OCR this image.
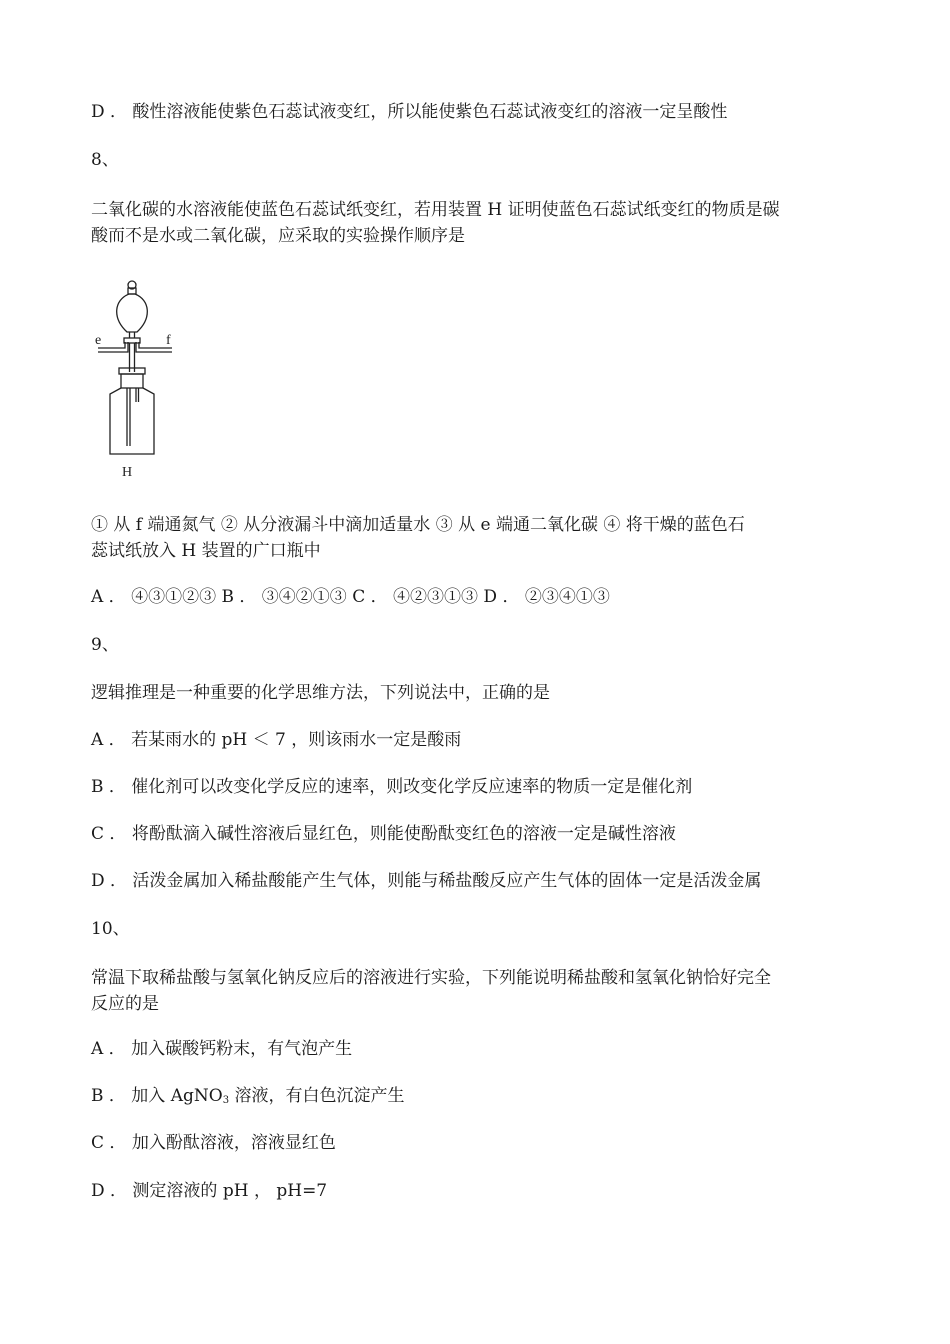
D ． 酸性溶液能使紫色石蕊试液变红，所以能使紫色石蕊试液变红的溶液一定呈酸性
8、
二氧化碳的水溶液能使蓝色石蕊试纸变红，若用装置 H 证明使蓝色石蕊试纸变红的物质是碳
酸而不是水或二氧化碳，应采取的实验操作顺序是
e	f
H
① 从 f 端通氮气 ② 从分液漏斗中滴加适量水 ③ 从 e 端通二氧化碳 ④ 将干燥的蓝色石
蕊试纸放入 H 装置的广口瓶中
A ． ④③①②③ B ． ③④②①③ C ． ④②③①③ D ． ②③④①③
9、
逻辑推理是一种重要的化学思维方法，下列说法中，正确的是
A ． 若某雨水的 pH ＜ 7 ，则该雨水一定是酸雨
B ． 催化剂可以改变化学反应的速率，则改变化学反应速率的物质一定是催化剂
C ． 将酚酞滴入碱性溶液后显红色，则能使酚酞变红色的溶液一定是碱性溶液
D ． 活泼金属加入稀盐酸能产生气体，则能与稀盐酸反应产生气体的固体一定是活泼金属
10、
常温下取稀盐酸与氢氧化钠反应后的溶液进行实验，下列能说明稀盐酸和氢氧化钠恰好完全
反应的是
A ． 加入碳酸钙粉末，有气泡产生
B ． 加入 AgNO$_3$ 溶液，有白色沉淀产生
C ． 加入酚酞溶液，溶液显红色
D ． 测定溶液的 pH ， pH=7
